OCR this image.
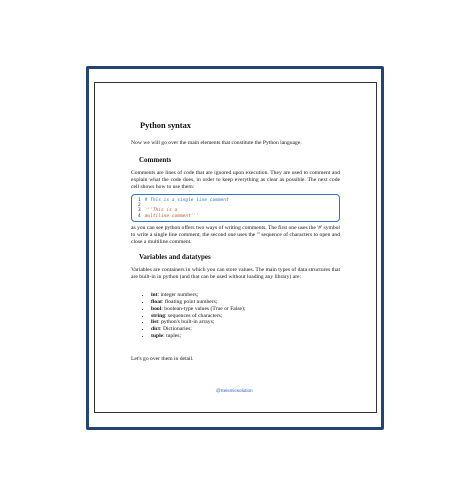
Python syntax

Now we will go over the main elements that constitute the Python language.

Comments

Comments are lines of code that are ignored upon execution. They are used to comment and explain what the code does, in order to keep everything as clear as possible. The next code cell shows how to use them:

1 # This is a single line comment
2
3 '''This is a
4 multiline comment'''

as you can see python offers two ways of writing comments. The first one uses the '#' symbol to write a single line comment, the second one uses the ''' sequence of characters to open and close a multiline comment.

Variables and datatypes

Variables are containers in which you can store values. The main types of data structures that are built-in in python (and that can be used without loading any library) are:

• int: integer numbers;
• float: floating point numbers;
• bool: boolean-type values (True or False);
• string: sequences of characters;
• list: python's built-in arrays;
• dict: Dictionaries;
• tuple: tuples;

Let's go over them in detail.

@Seismicsolution
